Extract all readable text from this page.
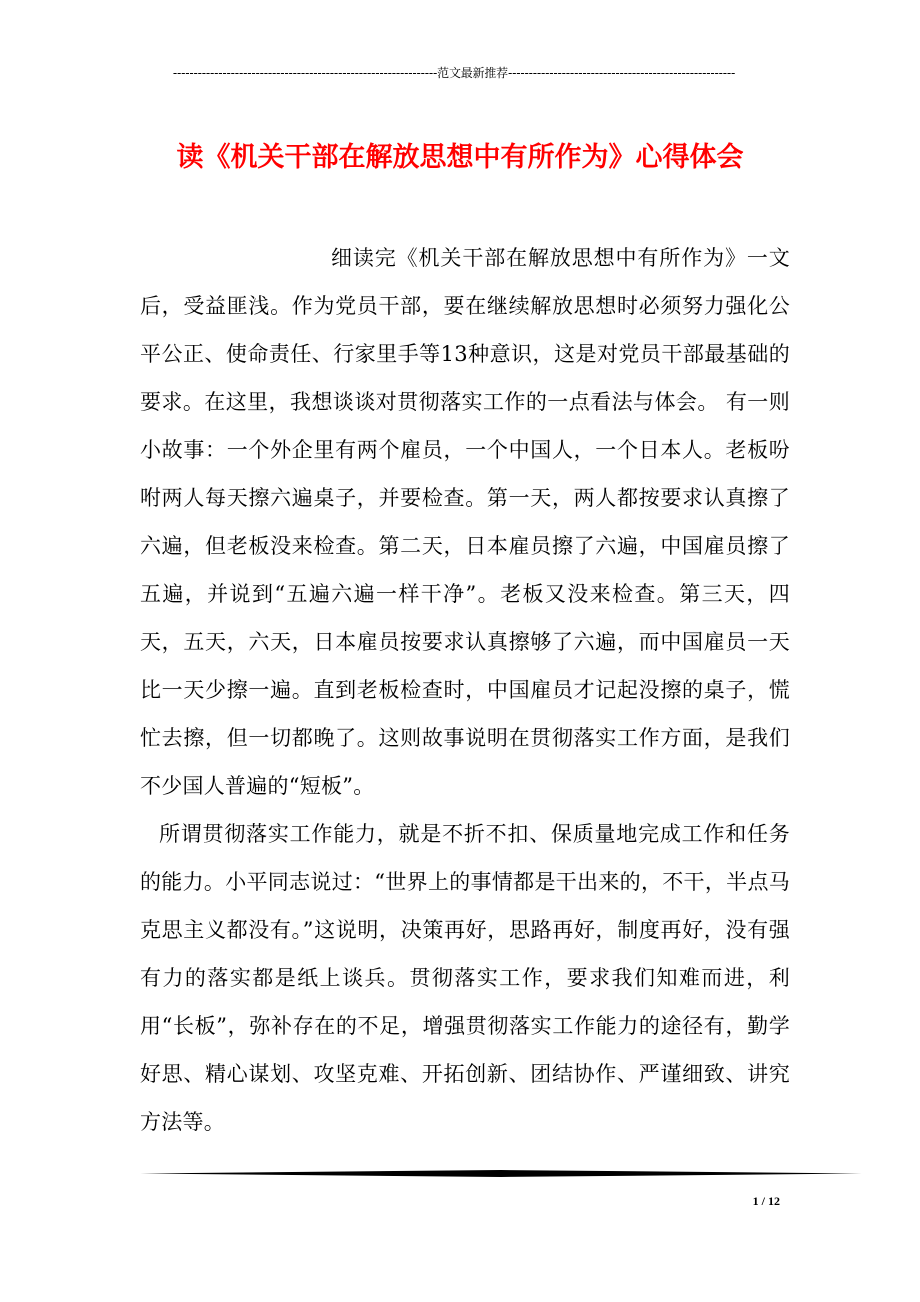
----------------------------------------------------------------范文最新推荐-------------------------------------------------------
读《机关干部在解放思想中有所作为》心得体会

细读完《机关干部在解放思想中有所作为》一文后，受益匪浅。作为党员干部，要在继续解放思想时必须努力强化公平公正、使命责任、行家里手等13种意识，这是对党员干部最基础的要求。在这里，我想谈谈对贯彻落实工作的一点看法与体会。 有一则小故事：一个外企里有两个雇员，一个中国人，一个日本人。老板吩咐两人每天擦六遍桌子，并要检查。第一天，两人都按要求认真擦了六遍，但老板没来检查。第二天，日本雇员擦了六遍，中国雇员擦了五遍，并说到“五遍六遍一样干净”。老板又没来检查。第三天，四天，五天，六天，日本雇员按要求认真擦够了六遍，而中国雇员一天比一天少擦一遍。直到老板检查时，中国雇员才记起没擦的桌子，慌忙去擦，但一切都晚了。这则故事说明在贯彻落实工作方面，是我们不少国人普遍的“短板”。

所谓贯彻落实工作能力，就是不折不扣、保质量地完成工作和任务的能力。小平同志说过：“世界上的事情都是干出来的，不干，半点马克思主义都没有。”这说明，决策再好，思路再好，制度再好，没有强有力的落实都是纸上谈兵。贯彻落实工作，要求我们知难而进，利用“长板”，弥补存在的不足，增强贯彻落实工作能力的途径有，勤学好思、精心谋划、攻坚克难、开拓创新、团结协作、严谨细致、讲究方法等。

1 / 12
